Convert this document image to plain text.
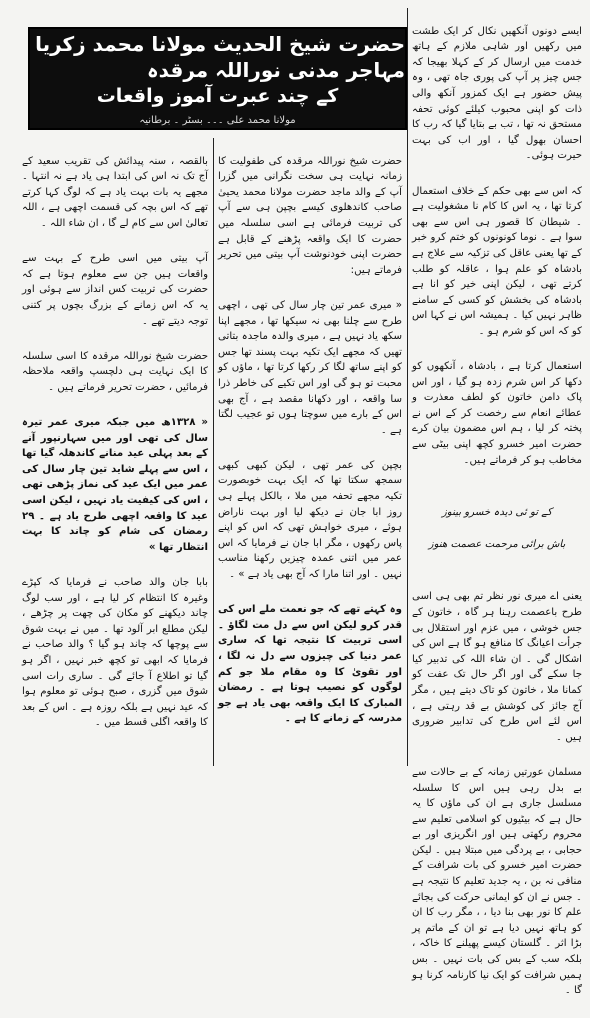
ایسے دونوں آنکھیں نکال کر ایک طشت میں رکھیں اور شاہی ملازم کے ہاتھ خدمت میں ارسال کر کے کہلا بھیجا کہ جس چیز پر آپ کی پوری جاہ تھی ، وہ پیش حضور ہے ایک کمزور آنکھ والی ذات کو اپنی محبوب کیلئے کوئی تحفہ مستحق نہ تھا ، تب بے بتایا گیا کہ رب کا احسان بھول گیا ، اور اب کی بہت حیرت ہوئی۔

کہ اس سے بھی حکم کے خلاف استعمال کرتا تھا ، یہ اس کا کام نا مشغولیت ہے ۔ شیطان کا قصور ہی اس سے بھی سوا ہے ۔ نوما کونونوں کو ختم کرو خبر کے تھا یعنی عاقل کی تزکیہ سے علاج ہے بادشاہ کو علم ہوا ، عاقلہ کو طلب کرتے تھی ، لیکن اپنی خیر کو انا ہے بادشاہ کی بخشش کو کسی کے سامنے ظاہر نہیں کیا ۔ ہمیشہ اس نے کہا اس کو کہ اس کو شرم ہو ۔

استعمال کرتا ہے ، بادشاہ ، آنکھوں کو دکھا کر اس شرم زدہ ہو گیا ، اور اس پاک دامن خاتون کو لطف معذرت و عطائے انعام سے رخصت کر کے اس نے پختہ کر لیا ، ہم اس مضمون بیان کرے حضرت امیر خسرو کچھ اپنی بیٹی سے مخاطب ہو کر فرماتے ہیں۔

کے تو ئی دیدہ خسرو بینوز

باش برائی مرحمت عصمت هنوز

یعنی اے میری نور نظر تم بھی ہی اسی طرح باعصمت رہنا ہر گاہ ، خاتون کے جس خوشی ، میں عزم اور استقلال بی جرأت اعیانگ کا منافع ہو گا ہے اس کی اشکال گی ۔ ان شاء اللہ کی تدبیر کیا جا سکے گی اور اگر حال تک عفت کو کمانا ملا ، خاتون کو تاک دیتے ہیں ، مگر آج جائز کی کوشش بے قد رہتی ہے ، اس لئے اس طرح کی تدابیر ضروری ہیں ۔

مسلمان عورتیں زمانہ کے بے حالات سے بے بدل رہی ہیں اس کا سلسلہ مسلسل جاری ہے ان کی ماؤں کا یہ حال ہے کہ بیٹیوں کو اسلامی تعلیم سے محروم رکھتی ہیں اور انگریزی اور بے حجابی ، بے پردگی میں مبتلا ہیں ۔ لیکن حضرت امیر خسرو کی بات شرافت کے منافی نہ بن ، یہ جدید تعلیم کا نتیجہ ہے ۔ جس نے ان کو ایمانی حرکت کی بجائے علم کا نور بھی بنا دیا ، ، مگر رب کا ان کو ہاتھ نہیں دیا ہے تو ان کے ماتم پر بڑا اثر ۔ گلستان کیسے پھیلنے کا خاکہ ، بلکہ سب کے بس کی بات نہیں ۔ بس ہمیں شرافت کو ایک نیا کارنامہ کرنا ہو گا ۔

حضرت شیخ الحدیث مولانا محمد زکریا مہاجر مدنی نوراللہ مرقدہ
کے چند عبرت آموز واقعات
مولانا محمد علی ۔۔۔ بسٹر ۔ برطانیہ

حضرت شیخ نوراللہ مرقدہ کی طفولیت کا زمانہ نہایت ہی سخت نگرانی میں گزرا آپ کے والد ماجد حضرت مولانا محمد یحییٰ صاحب کاندھلوی کیسے بچپن ہی سے آپ کی تربیت فرمائی ہے اسی سلسلہ میں حضرت کا ایک واقعہ پڑھنے کے قابل ہے حضرت اپنی خودنوشت آپ بیتی میں تحریر فرماتے ہیں:

« میری عمر تین چار سال کی تھی ، اچھی طرح سے چلنا بھی نہ سیکھا تھا ، مجھے اپنا سکھ یاد نہیں ہے ، میری والدہ ماجدہ بتاتی تھیں کہ مجھے ایک تکیہ بہت پسند تھا جس کو اپنے ساتھ لگا کر رکھا کرتا تھا ، ماؤں کو محبت تو ہو گی اور اس تکیے کی خاطر ذرا سا واقعہ ، اور دکھانا مقصد ہے ، آج بھی اس کے بارے میں سوچتا ہوں تو عجیب لگتا ہے ۔

بچپن کی عمر تھی ، لیکن کبھی کبھی سمجھ سکتا تھا کہ ایک بہت خوبصورت تکیہ مجھے تحفہ میں ملا ، بالکل پہلے ہی روز ابا جان نے دیکھ لیا اور بہت ناراض ہوئے ، میری خواہش تھی کہ اس کو اپنے پاس رکھوں ، مگر ابا جان نے فرمایا کہ اس عمر میں اتنی عمدہ چیزیں رکھنا مناسب نہیں ۔ اور اتنا مارا کہ آج بھی یاد ہے » ۔

وہ کہتے تھے کہ جو نعمت ملے اس کی قدر کرو لیکن اس سے دل مت لگاؤ ۔ اسی تربیت کا نتیجہ تھا کہ ساری عمر دنیا کی چیزوں سے دل نہ لگا ، اور تقویٰ کا وہ مقام ملا جو کم لوگوں کو نصیب ہوتا ہے ۔ رمضان المبارک کا ایک واقعہ بھی یاد ہے جو مدرسہ کے زمانے کا ہے ۔

بالقصہ ، سنہ پیدائش کی تقریب سعید کے آج تک نہ اس کی ابتدا ہی یاد ہے نہ انتہا ۔ مجھے یہ بات بہت یاد ہے کہ لوگ کہا کرتے تھے کہ اس بچہ کی قسمت اچھی ہے ، اللہ تعالیٰ اس سے کام لے گا ، ان شاء اللہ ۔

آپ بیتی میں اسی طرح کے بہت سے واقعات ہیں جن سے معلوم ہوتا ہے کہ حضرت کی تربیت کس انداز سے ہوئی اور یہ کہ اس زمانے کے بزرگ بچوں پر کتنی توجہ دیتے تھے ۔

حضرت شیخ نوراللہ مرقدہ کا اسی سلسلہ کا ایک نہایت ہی دلچسپ واقعہ ملاحظہ فرمائیں ، حضرت تحریر فرماتے ہیں ۔

« ۱۳۲۸ھ میں جبکہ میری عمر تیرہ سال کی تھی اور میں سہارنپور آنے کے بعد پہلی عید منانے کاندھلہ گیا تھا ، اس سے پہلے شاید تین چار سال کی عمر میں ایک عید کی نماز پڑھی تھی ، اس کی کیفیت یاد نہیں ، لیکن اسی عید کا واقعہ اچھی طرح یاد ہے ۔ ۲۹ رمضان کی شام کو چاند کا بہت انتظار تھا »

بابا جان والد صاحب نے فرمایا کہ کپڑے وغیرہ کا انتظام کر لیا ہے ، اور سب لوگ چاند دیکھنے کو مکان کی چھت پر چڑھے ، لیکن مطلع ابر آلود تھا ۔ میں نے بہت شوق سے پوچھا کہ چاند ہو گیا ؟ والد صاحب نے فرمایا کہ ابھی تو کچھ خبر نہیں ، اگر ہو گیا تو اطلاع آ جائے گی ۔ ساری رات اسی شوق میں گزری ، صبح ہوئی تو معلوم ہوا کہ عید نہیں ہے بلکہ روزہ ہے ۔ اس کے بعد کا واقعہ اگلی قسط میں ۔
